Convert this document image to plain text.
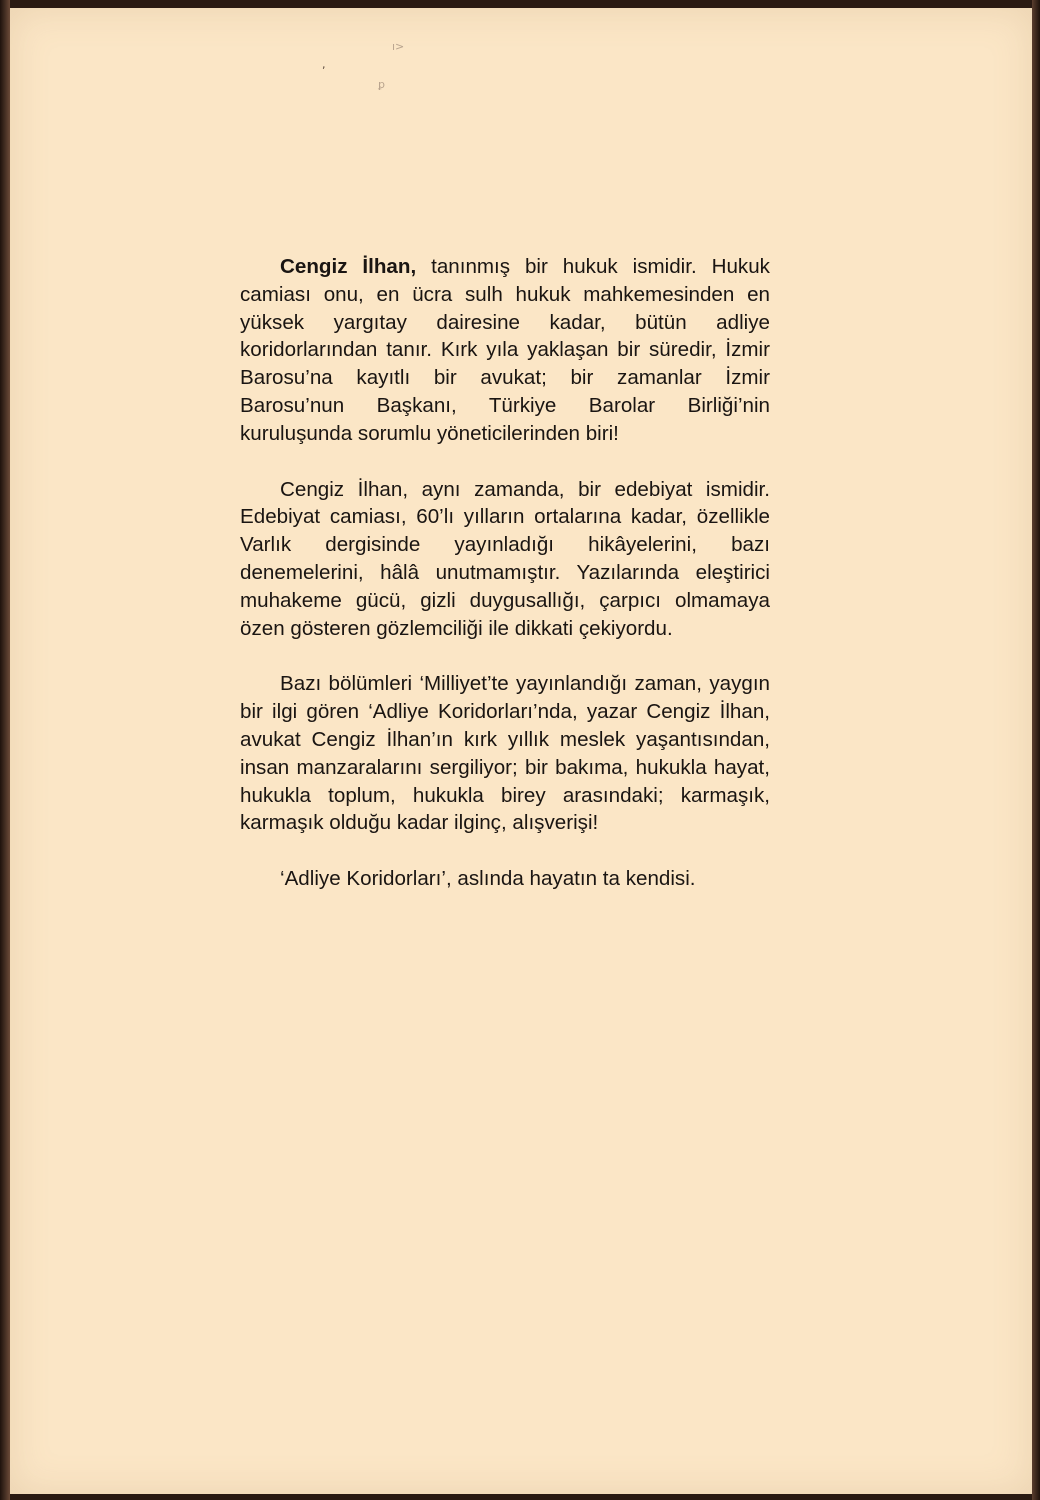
ı>
,
ꝑ

Cengiz İlhan, tanınmış bir hukuk ismidir. Hukuk camiası onu, en ücra sulh hukuk mahkemesinden en yüksek yargıtay dairesine kadar, bütün adliye koridorlarından tanır. Kırk yıla yaklaşan bir süredir, İzmir Barosu’na kayıtlı bir avukat; bir zamanlar İzmir Barosu’nun Başkanı, Türkiye Barolar Birliği’nin kuruluşunda sorumlu yöneticilerinden biri!

Cengiz İlhan, aynı zamanda, bir edebiyat ismidir. Edebiyat camiası, 60’lı yılların ortalarına kadar, özellikle Varlık dergisinde yayınladığı hikâyelerini, bazı denemelerini, hâlâ unutmamıştır. Yazılarında eleştirici muhakeme gücü, gizli duygusallığı, çarpıcı olmamaya özen gösteren gözlemciliği ile dikkati çekiyordu.

Bazı bölümleri ‘Milliyet’te yayınlandığı zaman, yaygın bir ilgi gören ‘Adliye Koridorları’nda, yazar Cengiz İlhan, avukat Cengiz İlhan’ın kırk yıllık meslek yaşantısından, insan manzaralarını sergiliyor; bir bakıma, hukukla hayat, hukukla toplum, hukukla birey arasındaki; karmaşık, karmaşık olduğu kadar ilginç, alışverişi!

‘Adliye Koridorları’, aslında hayatın ta kendisi.
